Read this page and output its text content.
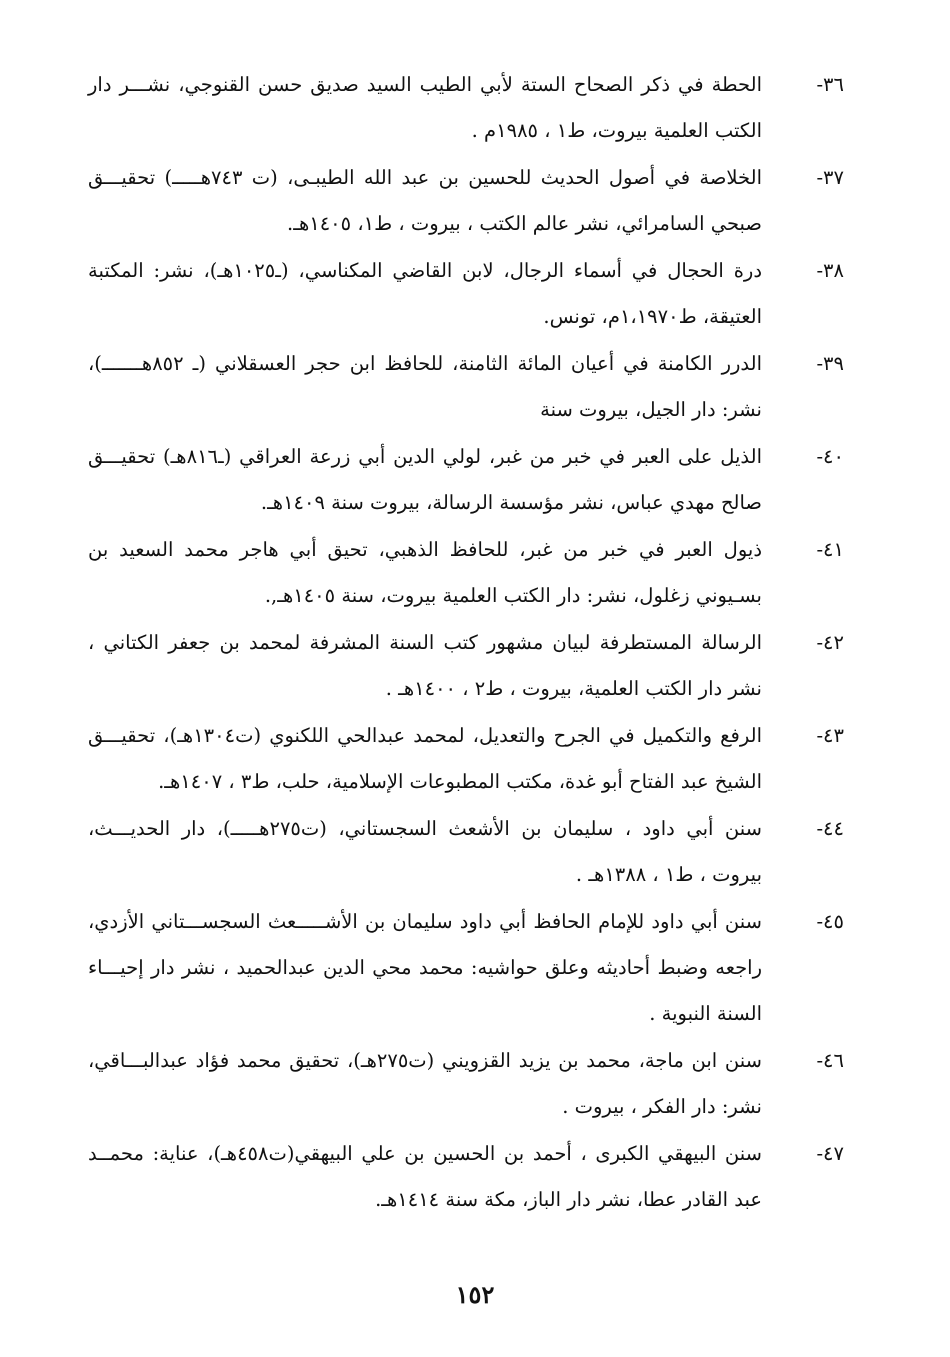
٣٦-
الحطة في ذكر الصحاح الستة لأبي الطيب السيد صديق حسن القنوجي، نشـــر دار الكتب العلمية بيروت، ط١ ، ١٩٨٥م .
٣٧-
الخلاصة في أصول الحديث للحسين بن عبد الله الطيبـى، (ت ٧٤٣هـــــ) تحقيـــق صبحي السامرائي، نشر عالم الكتب ، بيروت ، ط١، ١٤٠٥هـ.
٣٨-
درة الحجال في أسماء الرجال، لابن القاضي المكناسي، (ـ١٠٢٥هـ)، نشر: المكتبة العتيقة، ط١،١٩٧٠م، تونس.
٣٩-
الدرر الكامنة في أعيان المائة الثامنة، للحافظ ابن حجر العسقلاني (ـ ٨٥٢هـــــــ)، نشر: دار الجيل، بيروت سنة
٤٠-
الذيل على العبر في خبر من غبر، لولي الدين أبي زرعة العراقي (ـ٨١٦هـ) تحقيـــق صالح مهدي عباس، نشر مؤسسة الرسالة، بيروت سنة ١٤٠٩هـ.
٤١-
ذيول العبر في خبر من غبر، للحافظ الذهبي، تحيق أبي هاجر محمد السعيد بن بسـيوني زغلول، نشر: دار الكتب العلمية بيروت، سنة ١٤٠٥هـ,.
٤٢-
الرسالة المستطرفة لبيان مشهور كتب السنة المشرفة لمحمد بن جعفر الكتاني ، نشر دار الكتب العلمية، بيروت ، ط٢ ، ١٤٠٠هـ .
٤٣-
الرفع والتكميل في الجرح والتعديل، لمحمد عبدالحي اللكنوي (ت١٣٠٤هـ)، تحقيـــق الشيخ عبد الفتاح أبو غدة، مكتب المطبوعات الإسلامية، حلب، ط٣ ، ١٤٠٧هـ.
٤٤-
سنن أبي داود ، سليمان بن الأشعث السجستاني، (ت٢٧٥هـــــ)، دار الحديـــث، بيروت ، ط١ ، ١٣٨٨هـ .
٤٥-
سنن أبي داود للإمام الحافظ أبي داود سليمان بن الأشـــــعث السجســـتاني الأزدي، راجعه وضبط أحاديثه وعلق حواشيه: محمد محي الدين عبدالحميد ، نشر دار إحيـــاء السنة النبوية .
٤٦-
سنن ابن ماجة، محمد بن يزيد القزويني (ت٢٧٥هـ)، تحقيق محمد فؤاد عبدالبـــاقي، نشر: دار الفكر ، بيروت .
٤٧-
سنن البيهقي الكبرى ، أحمد بن الحسين بن علي البيهقي(ت٤٥٨هـ)، عناية: محمــد عبد القادر عطا، نشر دار الباز، مكة سنة ١٤١٤هـ.
١٥٢
